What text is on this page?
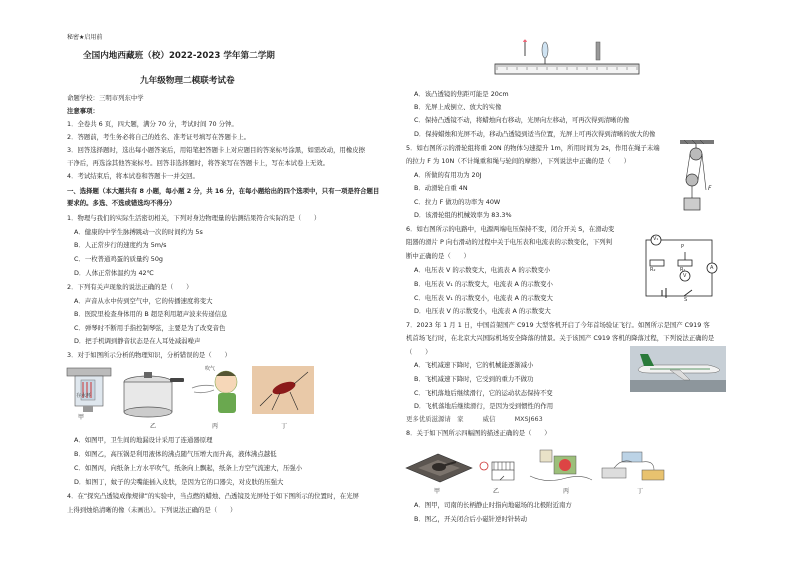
秘密★启用前
全国内地西藏班（校）2022-2023 学年第二学期
九年级物理二模联考试卷
命题学校：三明市列东中学
注意事项：
1．全卷共 6 页，四大题，满分 70 分，考试时间 70 分钟。
2．答题前，考生务必将自己的姓名、准考证号填写在答题卡上。
3．回答选择题时，选出每小题答案后，用铅笔把答题卡上对应题目的答案标号涂黑，如需改动，用橡皮擦
干净后，再选涂其他答案标号。回答非选择题时，将答案写在答题卡上，写在本试卷上无效。
4．考试结束后，将本试卷和答题卡一并交回。
一、选择题（本大题共有 8 小题，每小题 2 分，共 16 分，在每小题给出的四个选项中，只有一项是符合题目
要求的。多选、不选或错选均不得分）
1．物理与我们的实际生活密切相关，下列对身边物理量的估测结果符合实际的是（　　）
A．健康的中学生脉搏跳动一次的时间约为 5s
B．人正常步行的速度约为 5m/s
C．一枚普通鸡蛋的质量约 50g
D．人体正常体温约为 42℃
2．下列有关声现象的说法正确的是（　　）
A．声音从水中传到空气中，它的传播速度将变大
B．医院里检查身体用的 B 超是利用超声波来传递信息
C．弹琴时不断用手指控制琴弦，主要是为了改变音色
D．把手机调到静音状态是在人耳处减弱噪声
3．对于如图所示分析的物理知识，分析错误的是（　　）
存水杯
甲
乙
吹气
丙	丁
A．如图甲，卫生间的地漏设计采用了连通器原理
B．如图乙，高压锅是利用液体的沸点随气压增大而升高，液体沸点越低
C．如图丙，向纸条上方水平吹气，纸条向上飘起，纸条上方空气流速大，压强小
D．如图丁，蚊子的尖嘴能插入皮肤，是因为它的口器尖，对皮肤的压强大
4．在“探究凸透镜成像规律”的实验中，当点燃的蜡烛、凸透镜及光屏处于如下图所示的位置时，在光屏
上得到烛焰清晰的像（未画出）。下列说法正确的是（　　）
A．该凸透镜的焦距可能是 20cm
B．光屏上成倒立、放大的实像
C．保持凸透镜不动，将蜡烛向右移动，光屏向左移动，可再次得到清晰的像
D．保持蜡烛和光屏不动，移动凸透镜到适当位置，光屏上可再次得到清晰的放大的像
5．如右图所示的滑轮组将重 20N 的物体匀速提升 1m，所用时间为 2s，作用在绳子末端
的拉力 F 为 10N（不计绳重和绳与轮间的摩擦），下列说法中正确的是（　　）
A．所做的有用功为 20J
B．动滑轮自重 4N
C．拉力 F 做功的功率为 40W
D．该滑轮组的机械效率为 83.3%
F
6．如右图所示的电路中，电源两端电压保持不变，闭合开关 S，在滑动变
阻器的滑片 P 向右滑动的过程中关于电压表和电流表的示数变化，下列判
断中正确的是（　　）
A．电压表 V 的示数变大，电流表 A 的示数变小
B．电压表 V₁ 的示数变大，电流表 A 的示数变小
C．电压表 V₁ 的示数变小，电流表 A 的示数变大
D．电压表 V 的示数变小，电流表 A 的示数变大
V₁
P
R₂	R₁
V
A
S
7．2023 年 1 月 1 日，中国首架国产 C919 大型客机开启了今年首场验证飞行。如图所示是国产 C919 客
机首场飞行时，在北京大兴国际机场安全降落的情景。关于该国产 C919 客机的降落过程，下列说法正确的是
（　　）
A．飞机减速下降时，它的机械能逐渐减小
B．飞机减速下降时，它受到的重力不做功
C．飞机落地后继续滑行，它的运动状态保持不变
D．飞机落地后继续滑行，是因为受到惯性的作用
更多优质滋源请　家　　　威信　　　MXSJ663
8．关于如下图所示四幅图的描述正确的是（　　）
甲	乙	丙	丁
A．图甲，司南的长柄静止时指向地磁场的北极附近南方
B．图乙，开关闭合后小磁针逆时针转动
